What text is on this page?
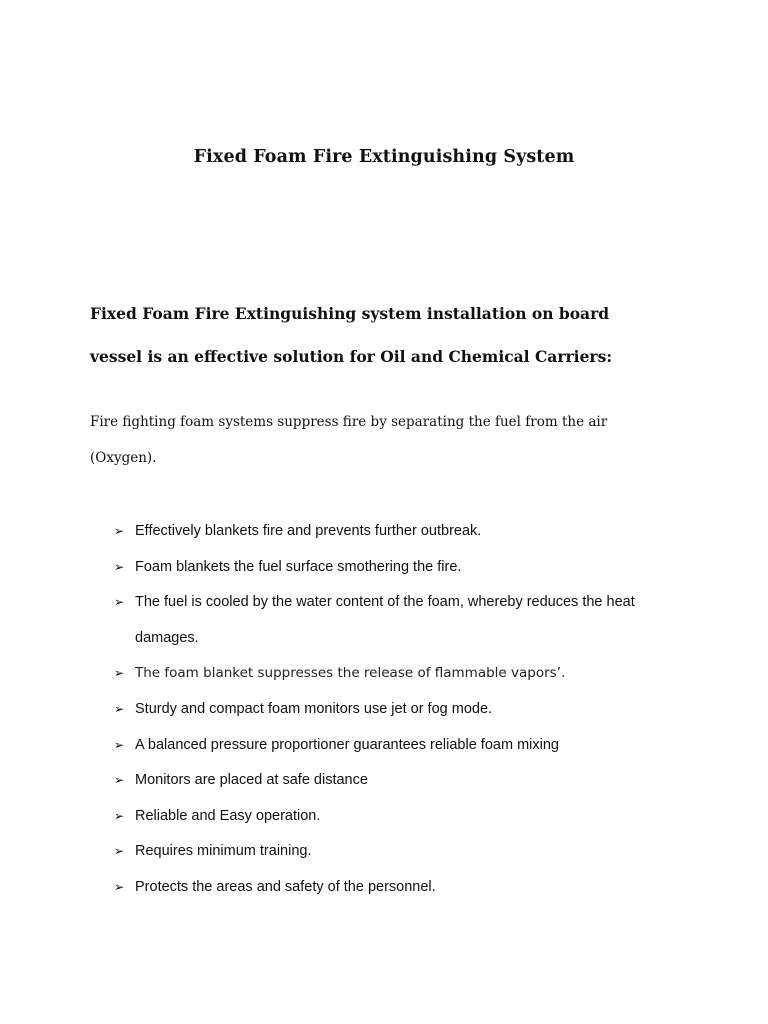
Fixed Foam Fire Extinguishing System

Fixed Foam Fire Extinguishing system installation on board
vessel is an effective solution for Oil and Chemical Carriers:

Fire fighting foam systems suppress fire by separating the fuel from the air
(Oxygen).

➢ Effectively blankets fire and prevents further outbreak.
➢ Foam blankets the fuel surface smothering the fire.
➢ The fuel is cooled by the water content of the foam, whereby reduces the heat
damages.
➢ The foam blanket suppresses the release of flammable vapors’.
➢ Sturdy and compact foam monitors use jet or fog mode.
➢ A balanced pressure proportioner guarantees reliable foam mixing
➢ Monitors are placed at safe distance
➢ Reliable and Easy operation.
➢ Requires minimum training.
➢ Protects the areas and safety of the personnel.
